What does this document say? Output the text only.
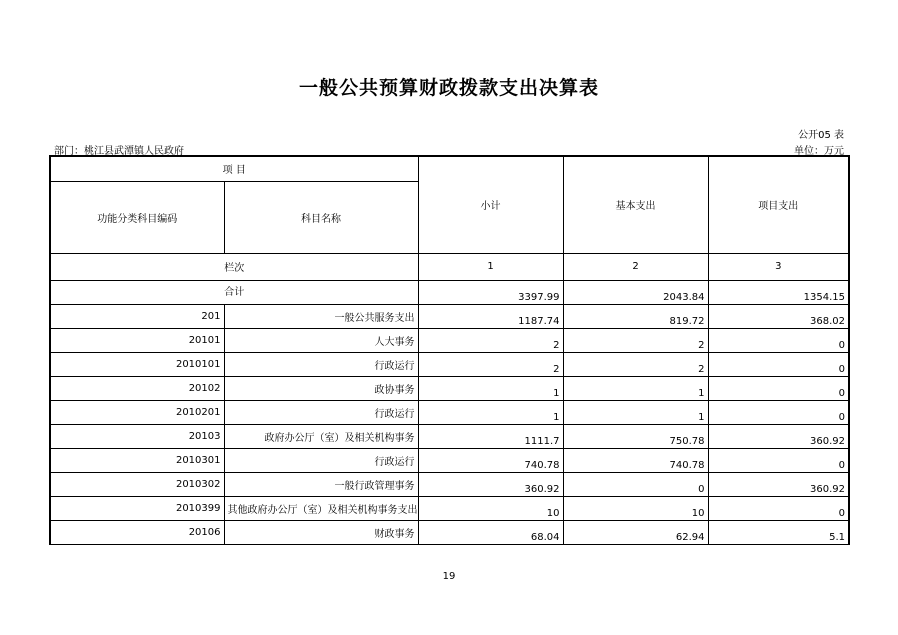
一般公共预算财政拨款支出决算表
公开05 表
部门：桃江县武潭镇人民政府	单位：万元
项 目		小计	基本支出	项目支出
功能分类科目编码	科目名称			
栏次		1	2	3
合计		3397.99	2043.84	1354.15
201	一般公共服务支出	1187.74	819.72	368.02
20101	人大事务	2	2	0
2010101	行政运行	2	2	0
20102	政协事务	1	1	0
2010201	行政运行	1	1	0
20103	政府办公厅（室）及相关机构事务	1111.7	750.78	360.92
2010301	行政运行	740.78	740.78	0
2010302	一般行政管理事务	360.92	0	360.92
2010399	其他政府办公厅（室）及相关机构事务支出	10	10	0
20106	财政事务	68.04	62.94	5.1
19
